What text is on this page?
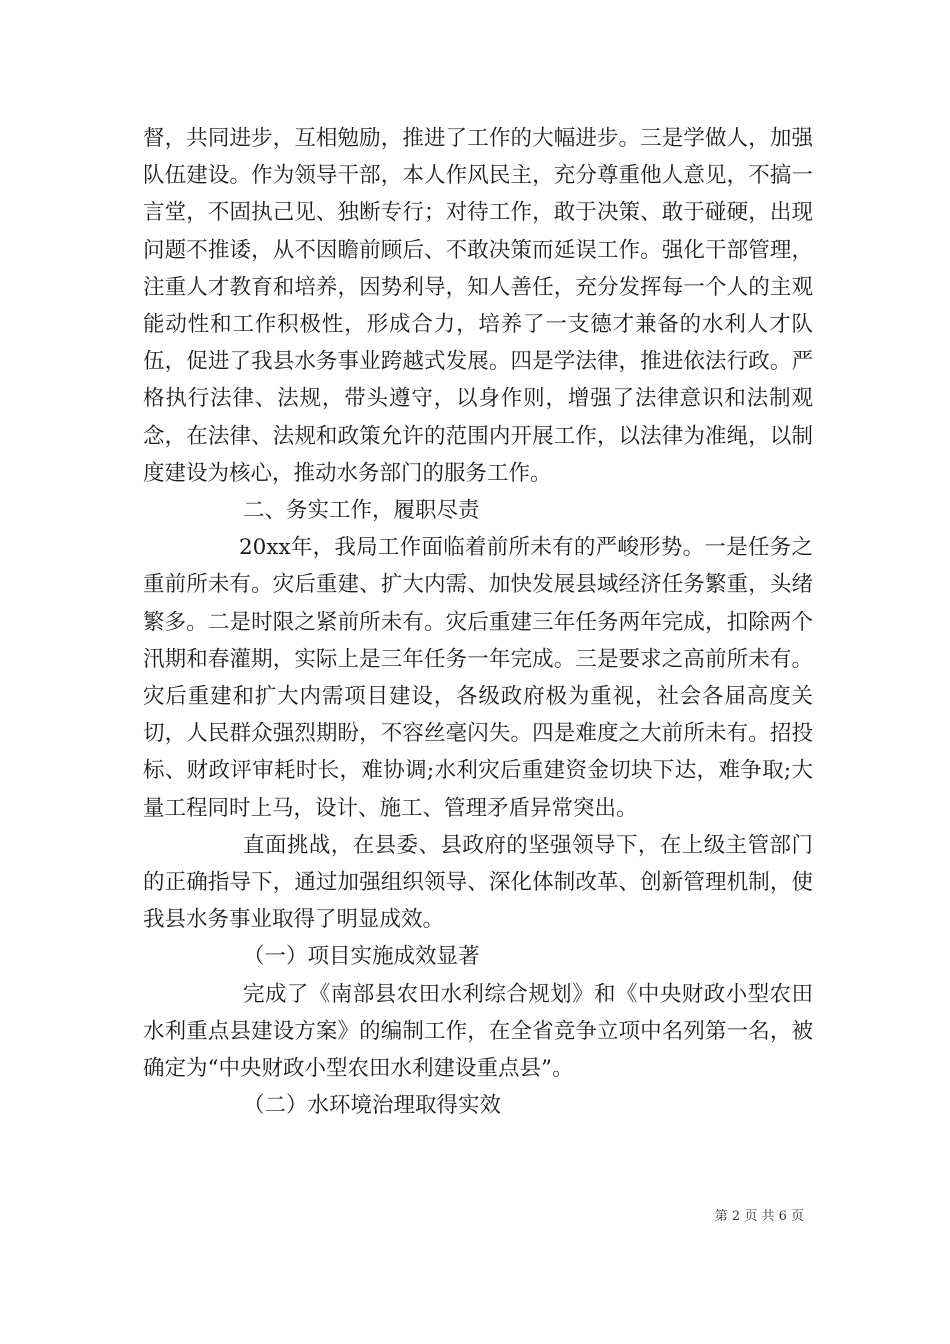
督，共同进步，互相勉励，推进了工作的大幅进步。三是学做人，加强队伍建设。作为领导干部，本人作风民主，充分尊重他人意见，不搞一言堂，不固执己见、独断专行；对待工作，敢于决策、敢于碰硬，出现问题不推诿，从不因瞻前顾后、不敢决策而延误工作。强化干部管理，注重人才教育和培养，因势利导，知人善任，充分发挥每一个人的主观能动性和工作积极性，形成合力，培养了一支德才兼备的水利人才队伍，促进了我县水务事业跨越式发展。四是学法律，推进依法行政。严格执行法律、法规，带头遵守，以身作则，增强了法律意识和法制观念，在法律、法规和政策允许的范围内开展工作，以法律为准绳，以制度建设为核心，推动水务部门的服务工作。

二、务实工作，履职尽责

20xx年，我局工作面临着前所未有的严峻形势。一是任务之重前所未有。灾后重建、扩大内需、加快发展县域经济任务繁重，头绪繁多。二是时限之紧前所未有。灾后重建三年任务两年完成，扣除两个汛期和春灌期，实际上是三年任务一年完成。三是要求之高前所未有。灾后重建和扩大内需项目建设，各级政府极为重视，社会各届高度关切，人民群众强烈期盼，不容丝毫闪失。四是难度之大前所未有。招投标、财政评审耗时长，难协调;水利灾后重建资金切块下达，难争取;大量工程同时上马，设计、施工、管理矛盾异常突出。

直面挑战，在县委、县政府的坚强领导下，在上级主管部门的正确指导下，通过加强组织领导、深化体制改革、创新管理机制，使我县水务事业取得了明显成效。

（一）项目实施成效显著

完成了《南部县农田水利综合规划》和《中央财政小型农田水利重点县建设方案》的编制工作，在全省竞争立项中名列第一名，被确定为“中央财政小型农田水利建设重点县”。

（二）水环境治理取得实效

第 2 页 共 6 页
